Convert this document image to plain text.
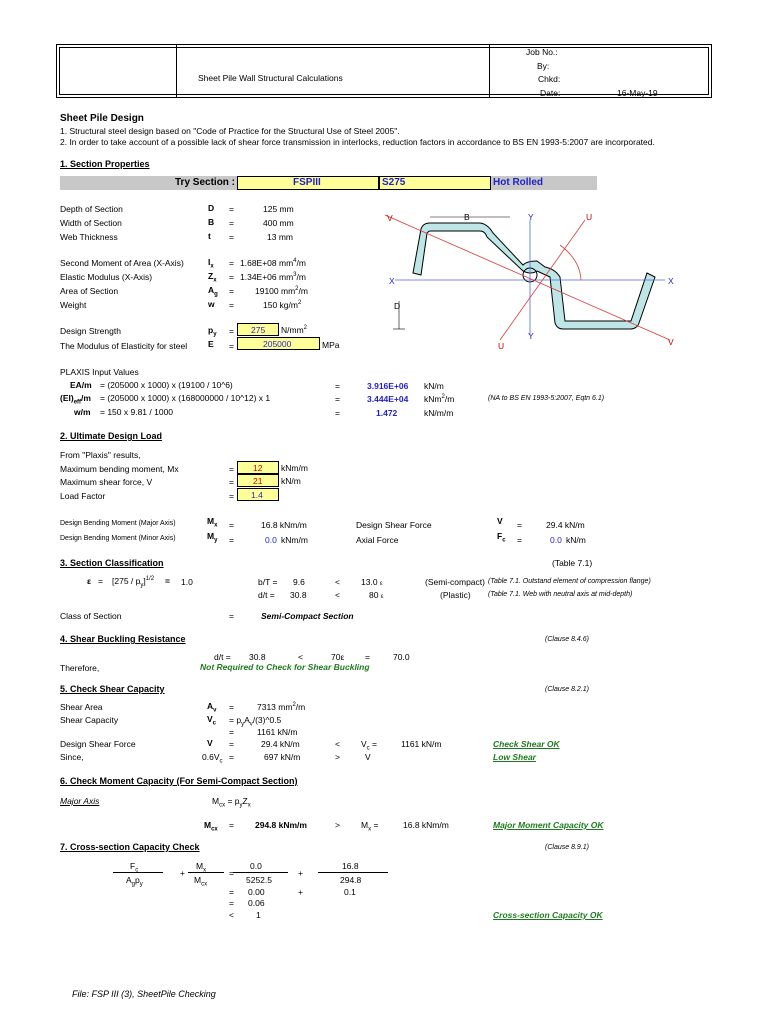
Sheet Pile Wall Structural Calculations
Job No.:
By:
Chkd:
Date:	16-May-19
Sheet Pile Design
1. Structural steel design based on "Code of Practice for the Structural Use of Steel 2005".
2. In order to take account of a possible lack of shear force transmission in interlocks, reduction factors in accordance to BS EN 1993-5:2007 are incorporated.
1. Section Properties
Try Section :	FSPIII	S275	Hot Rolled
Depth of Section	D =	125 mm
Width of Section	B =	400 mm
Web Thickness	t =	13 mm
Second Moment of Area (X-Axis)	$I_x = 1.68E+08$ $mm^4/m$
Elastic Modulus (X-Axis)	$Z_x = 1.34E+06$ $mm^3/m$
Area of Section	$A_g = 19100$ $mm^2/m$
Weight	w =	150 $kg/m^2$
Design Strength	$p_y = 275$ $N/mm^2$
The Modulus of Elasticity for steel E =	205000	MPa
B	Y	U
V
X	X
D
Y
U	V
PLAXIS Input Values
EA/m = (205000 x 1000) x (19100 / 10^6)	=	3.916E+06 kN/m
$(EI)_{eff}/m = (205000$ x 1000) x (168000000 / 10^12) x 1	=	3.444E+04 kNm$^2$/m	(NA to BS EN 1993-5:2007, Eqtn 6.1)
w/m = 150 x 9.81 / 1000	=	1.472	kN/m/m
2. Ultimate Design Load
From "Plaxis" results,
Maximum bending moment, Mx	= 12 kNm/m
Maximum shear force, V	= 21 kN/m
Load Factor	= 1.4
Design Bending Moment (Major Axis)	$M_x$ =	16.8 kNm/m	Design Shear Force	V =	29.4 kN/m
Design Bending Moment (Minor Axis)	$M_y$ =	0.0 kNm/m	Axial Force	$F_c$ =	0.0 kN/m
3. Section Classification	(Table 7.1)
$\varepsilon = [275 / p_y]^{1/2} = 1.0$	b/T = 9.6	< 13.0 ε	(Semi-compact) (Table 7.1. Outstand element of compression flange)
d/t = 30.8	<	80 ε	(Plastic) (Table 7.1. Web with neutral axis at mid-depth)
Class of Section	=	Semi-Compact Section
4. Shear Buckling Resistance	(Clause 8.4.6)
d/t = 30.8	<	70ε =	70.0
Therefore,	Not Required to Check for Shear Buckling
5. Check Shear Capacity	(Clause 8.2.1)
Shear Area	$A_v$ =	7313 $mm^2/m$
Shear Capacity	$V_c$ = $p_yA_v/(3)\^{}0.5$
=	1161 kN/m
Design Shear Force	V =	29.4 kN/m	< $V_c$ =	1161 kN/m	Check Shear OK
Since,	$0.6V_c$ =	697 kN/m	>	V	Low Shear
6. Check Moment Capacity (For Semi-Compact Section)
Major Axis	$M_{cx} = p_yZ_x$
$M_{cx} = 294.8$ kNm/m	> $M_x$ =	16.8 kNm/m	Major Moment Capacity OK
7. Cross-section Capacity Check	(Clause 8.9.1)
$F_c$
$A_gp_y$
+
$M_x$
$M_{cx}$
=
0.0
5252.5
+
16.8
294.8
= 0.00	+	0.1
= 0.06
<	1	Cross-section Capacity OK
File: FSP III (3), SheetPile Checking
